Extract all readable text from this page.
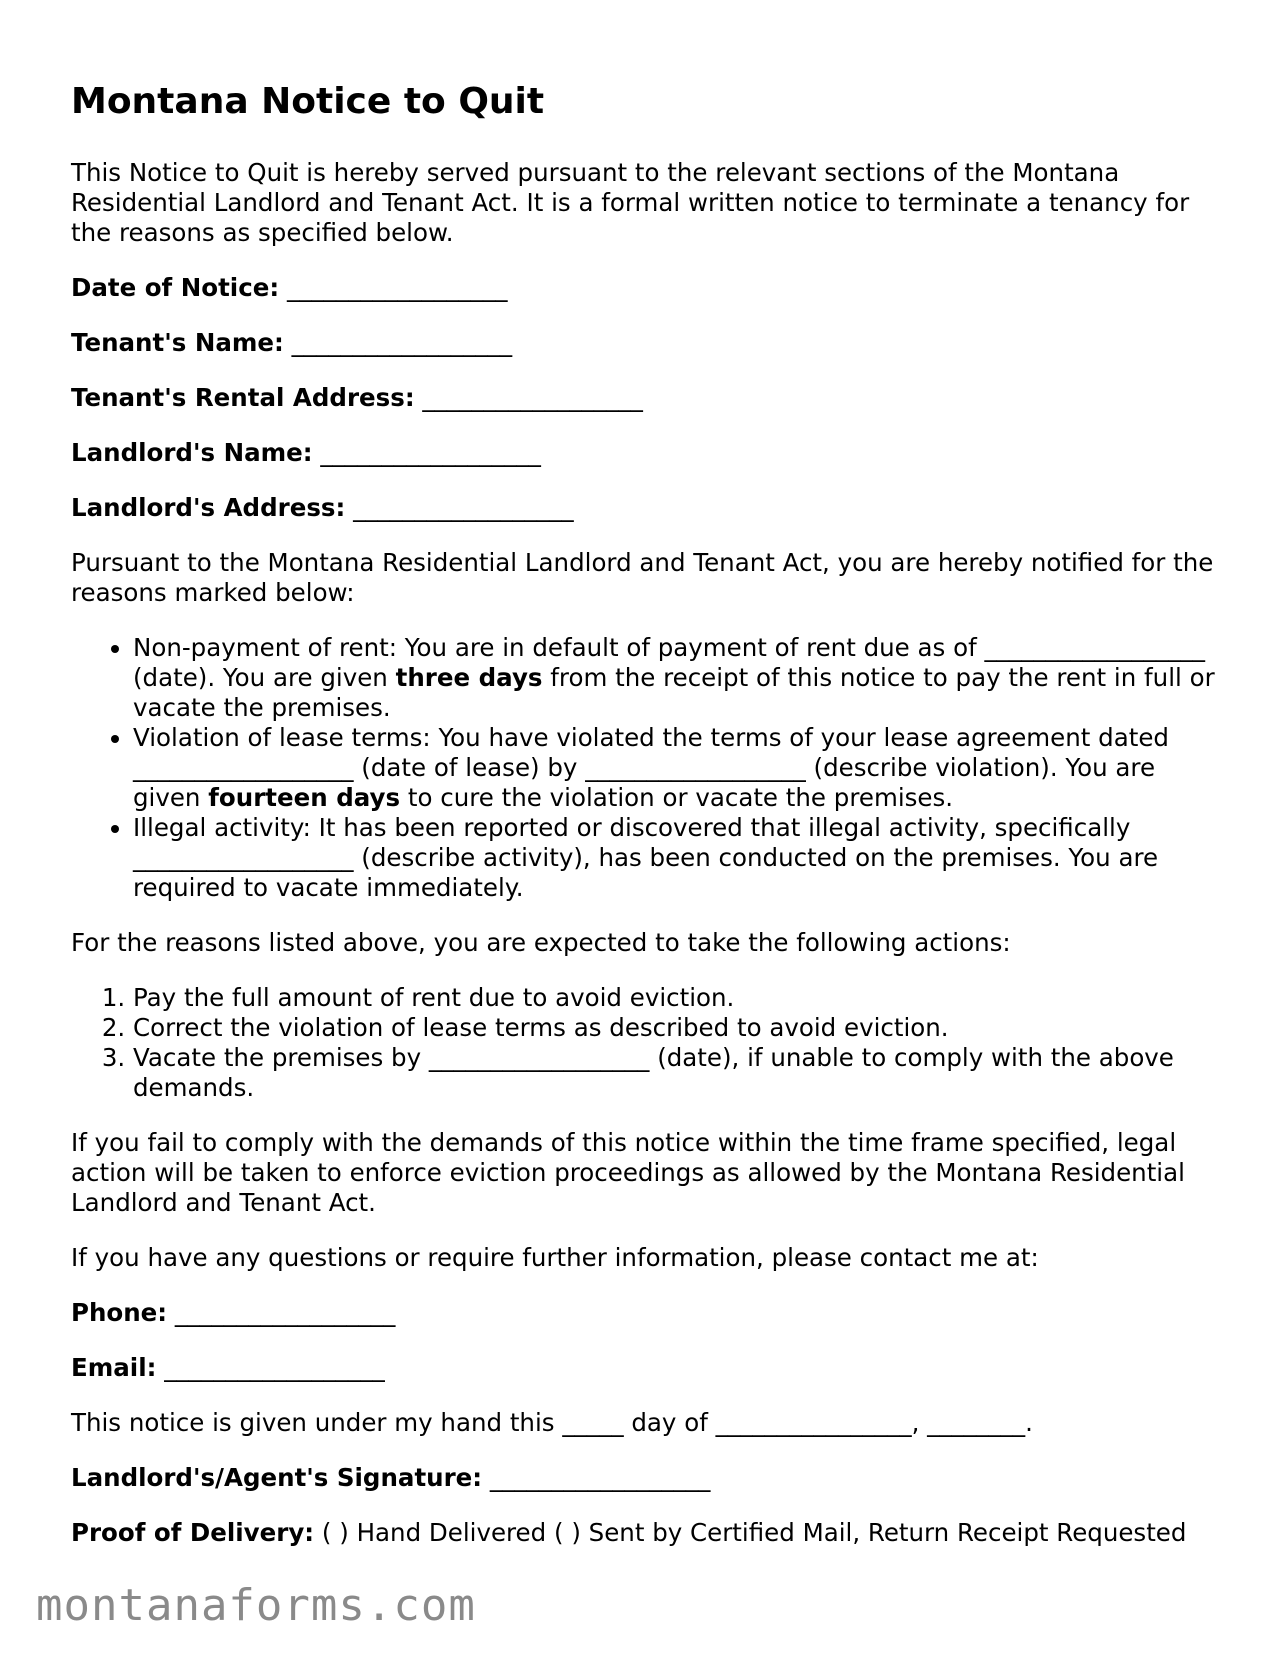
Montana Notice to Quit

This Notice to Quit is hereby served pursuant to the relevant sections of the Montana Residential Landlord and Tenant Act. It is a formal written notice to terminate a tenancy for the reasons as specified below.

Date of Notice: __________________
Tenant's Name: __________________
Tenant's Rental Address: __________________
Landlord's Name: __________________
Landlord's Address: __________________

Pursuant to the Montana Residential Landlord and Tenant Act, you are hereby notified for the reasons marked below:

• Non-payment of rent: You are in default of payment of rent due as of __________________ (date). You are given three days from the receipt of this notice to pay the rent in full or vacate the premises.
• Violation of lease terms: You have violated the terms of your lease agreement dated __________________ (date of lease) by __________________ (describe violation). You are given fourteen days to cure the violation or vacate the premises.
• Illegal activity: It has been reported or discovered that illegal activity, specifically __________________ (describe activity), has been conducted on the premises. You are required to vacate immediately.

For the reasons listed above, you are expected to take the following actions:

1. Pay the full amount of rent due to avoid eviction.
2. Correct the violation of lease terms as described to avoid eviction.
3. Vacate the premises by __________________ (date), if unable to comply with the above demands.

If you fail to comply with the demands of this notice within the time frame specified, legal action will be taken to enforce eviction proceedings as allowed by the Montana Residential Landlord and Tenant Act.

If you have any questions or require further information, please contact me at:

Phone: __________________
Email: __________________

This notice is given under my hand this _____ day of ________________, ________.

Landlord's/Agent's Signature: __________________
Proof of Delivery: ( ) Hand Delivered ( ) Sent by Certified Mail, Return Receipt Requested
montanaforms.com
